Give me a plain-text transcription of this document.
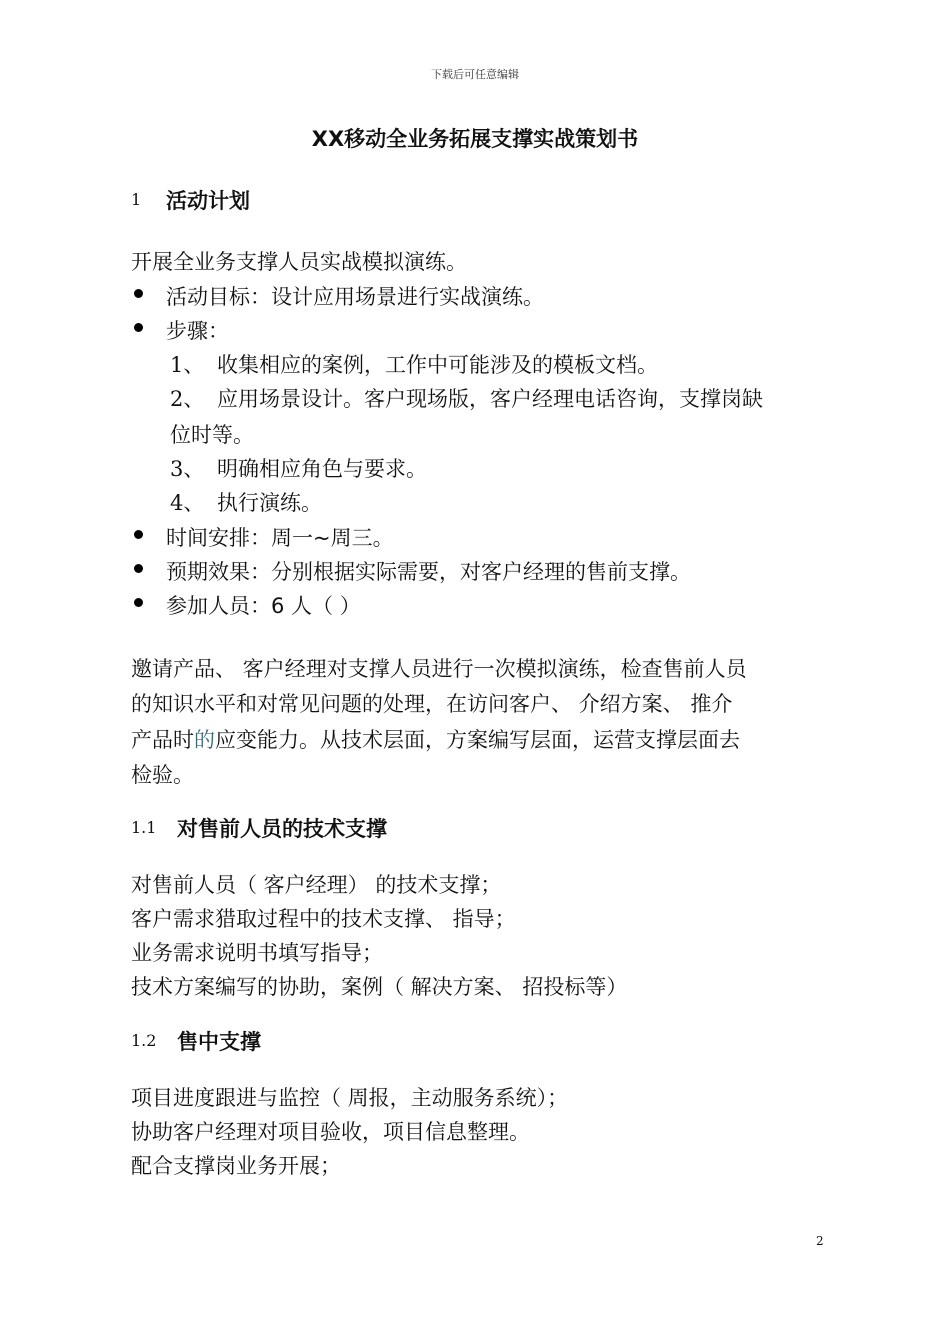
下载后可任意编辑
XX移动全业务拓展支撑实战策划书
1 活动计划
开展全业务支撑人员实战模拟演练。
活动目标：设计应用场景进行实战演练。
步骤：
1、 收集相应的案例，工作中可能涉及的模板文档。
2、 应用场景设计。客户现场版，客户经理电话咨询，支撑岗缺
位时等。
3、 明确相应角色与要求。
4、 执行演练。
时间安排：周一~周三。
预期效果：分别根据实际需要，对客户经理的售前支撑。
参加人员：6 人（ ）
邀请产品、 客户经理对支撑人员进行一次模拟演练，检查售前人员
的知识水平和对常见问题的处理，在访问客户、 介绍方案、 推介
产品时的应变能力。从技术层面，方案编写层面，运营支撑层面去
检验。
1.1 对售前人员的技术支撑
对售前人员（ 客户经理） 的技术支撑；
客户需求猎取过程中的技术支撑、 指导；
业务需求说明书填写指导；
技术方案编写的协助，案例（ 解决方案、 招投标等）
1.2 售中支撑
项目进度跟进与监控（ 周报，主动服务系统）；
协助客户经理对项目验收，项目信息整理。
配合支撑岗业务开展；
2
